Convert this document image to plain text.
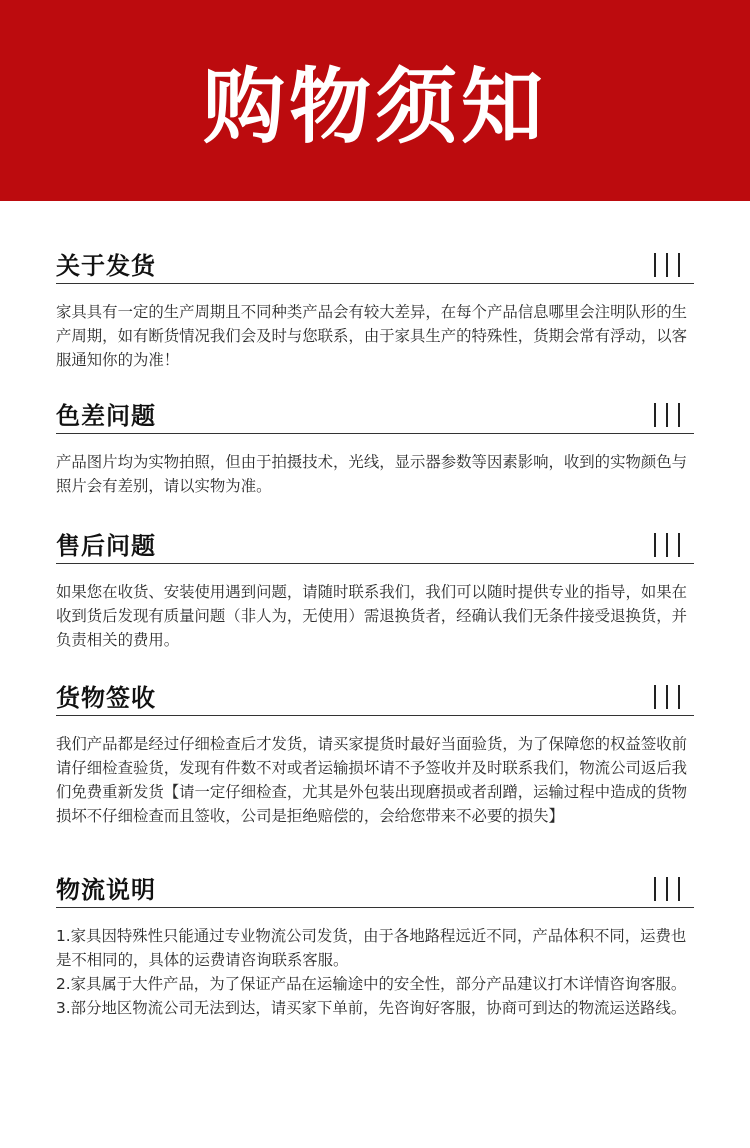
购物须知
关于发货

家具具有一定的生产周期且不同种类产品会有较大差异，在每个产品信息哪里会注明队形的生产周期，如有断货情况我们会及时与您联系，由于家具生产的特殊性，货期会常有浮动，以客服通知你的为准！

色差问题

产品图片均为实物拍照，但由于拍摄技术，光线，显示器参数等因素影响，收到的实物颜色与照片会有差别，请以实物为准。

售后问题

如果您在收货、安装使用遇到问题，请随时联系我们，我们可以随时提供专业的指导，如果在收到货后发现有质量问题（非人为，无使用）需退换货者，经确认我们无条件接受退换货，并负责相关的费用。

货物签收

我们产品都是经过仔细检查后才发货，请买家提货时最好当面验货，为了保障您的权益签收前请仔细检查验货，发现有件数不对或者运输损坏请不予签收并及时联系我们，物流公司返后我们免费重新发货【请一定仔细检查，尤其是外包装出现磨损或者刮蹭，运输过程中造成的货物损坏不仔细检查而且签收，公司是拒绝赔偿的，会给您带来不必要的损失】

物流说明

1.家具因特殊性只能通过专业物流公司发货，由于各地路程远近不同，产品体积不同，运费也是不相同的，具体的运费请咨询联系客服。

2.家具属于大件产品，为了保证产品在运输途中的安全性，部分产品建议打木详情咨询客服。

3.部分地区物流公司无法到达，请买家下单前，先咨询好客服，协商可到达的物流运送路线。
